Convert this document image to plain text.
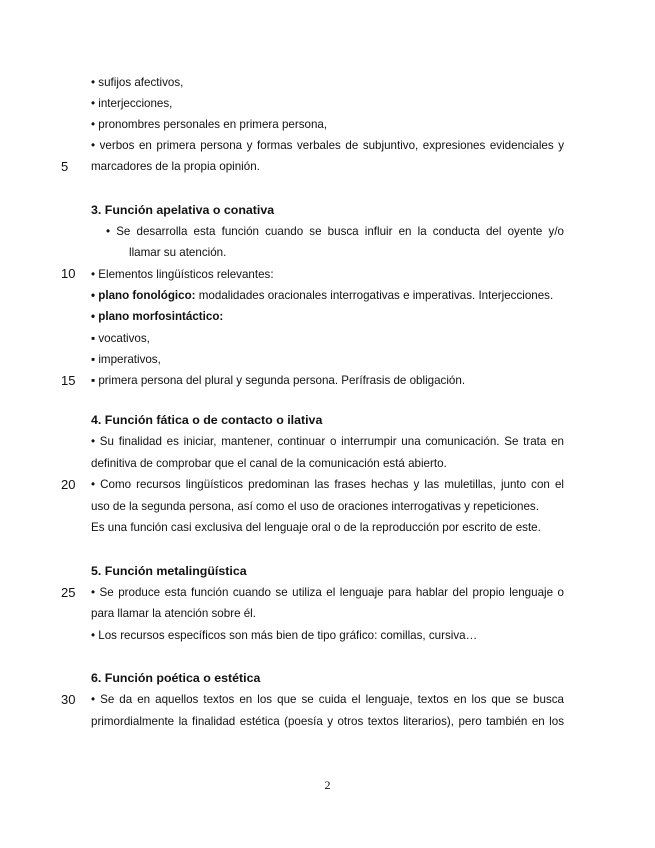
5
10
15
20
25
30
• sufijos afectivos,
• interjecciones,
• pronombres personales en primera persona,
• verbos en primera persona y formas verbales de subjuntivo, expresiones evidenciales y
marcadores de la propia opinión.
3. Función apelativa o conativa
• Se desarrolla esta función cuando se busca influir en la conducta del oyente y/o
llamar su atención.
• Elementos lingüísticos relevantes:
• plano fonológico: modalidades oracionales interrogativas e imperativas. Interjecciones.
• plano morfosintáctico:
▪ vocativos,
▪ imperativos,
▪ primera persona del plural y segunda persona. Perífrasis de obligación.
4. Función fática o de contacto o ilativa
• Su finalidad es iniciar, mantener, continuar o interrumpir una comunicación. Se trata en
definitiva de comprobar que el canal de la comunicación está abierto.
• Como recursos lingüísticos predominan las frases hechas y las muletillas, junto con el
uso de la segunda persona, así como el uso de oraciones interrogativas y repeticiones.
Es una función casi exclusiva del lenguaje oral o de la reproducción por escrito de este.
5. Función metalingüística
• Se produce esta función cuando se utiliza el lenguaje para hablar del propio lenguaje o
para llamar la atención sobre él.
• Los recursos específicos son más bien de tipo gráfico: comillas, cursiva…
6. Función poética o estética
• Se da en aquellos textos en los que se cuida el lenguaje, textos en los que se busca
primordialmente la finalidad estética (poesía y otros textos literarios), pero también en los
2
